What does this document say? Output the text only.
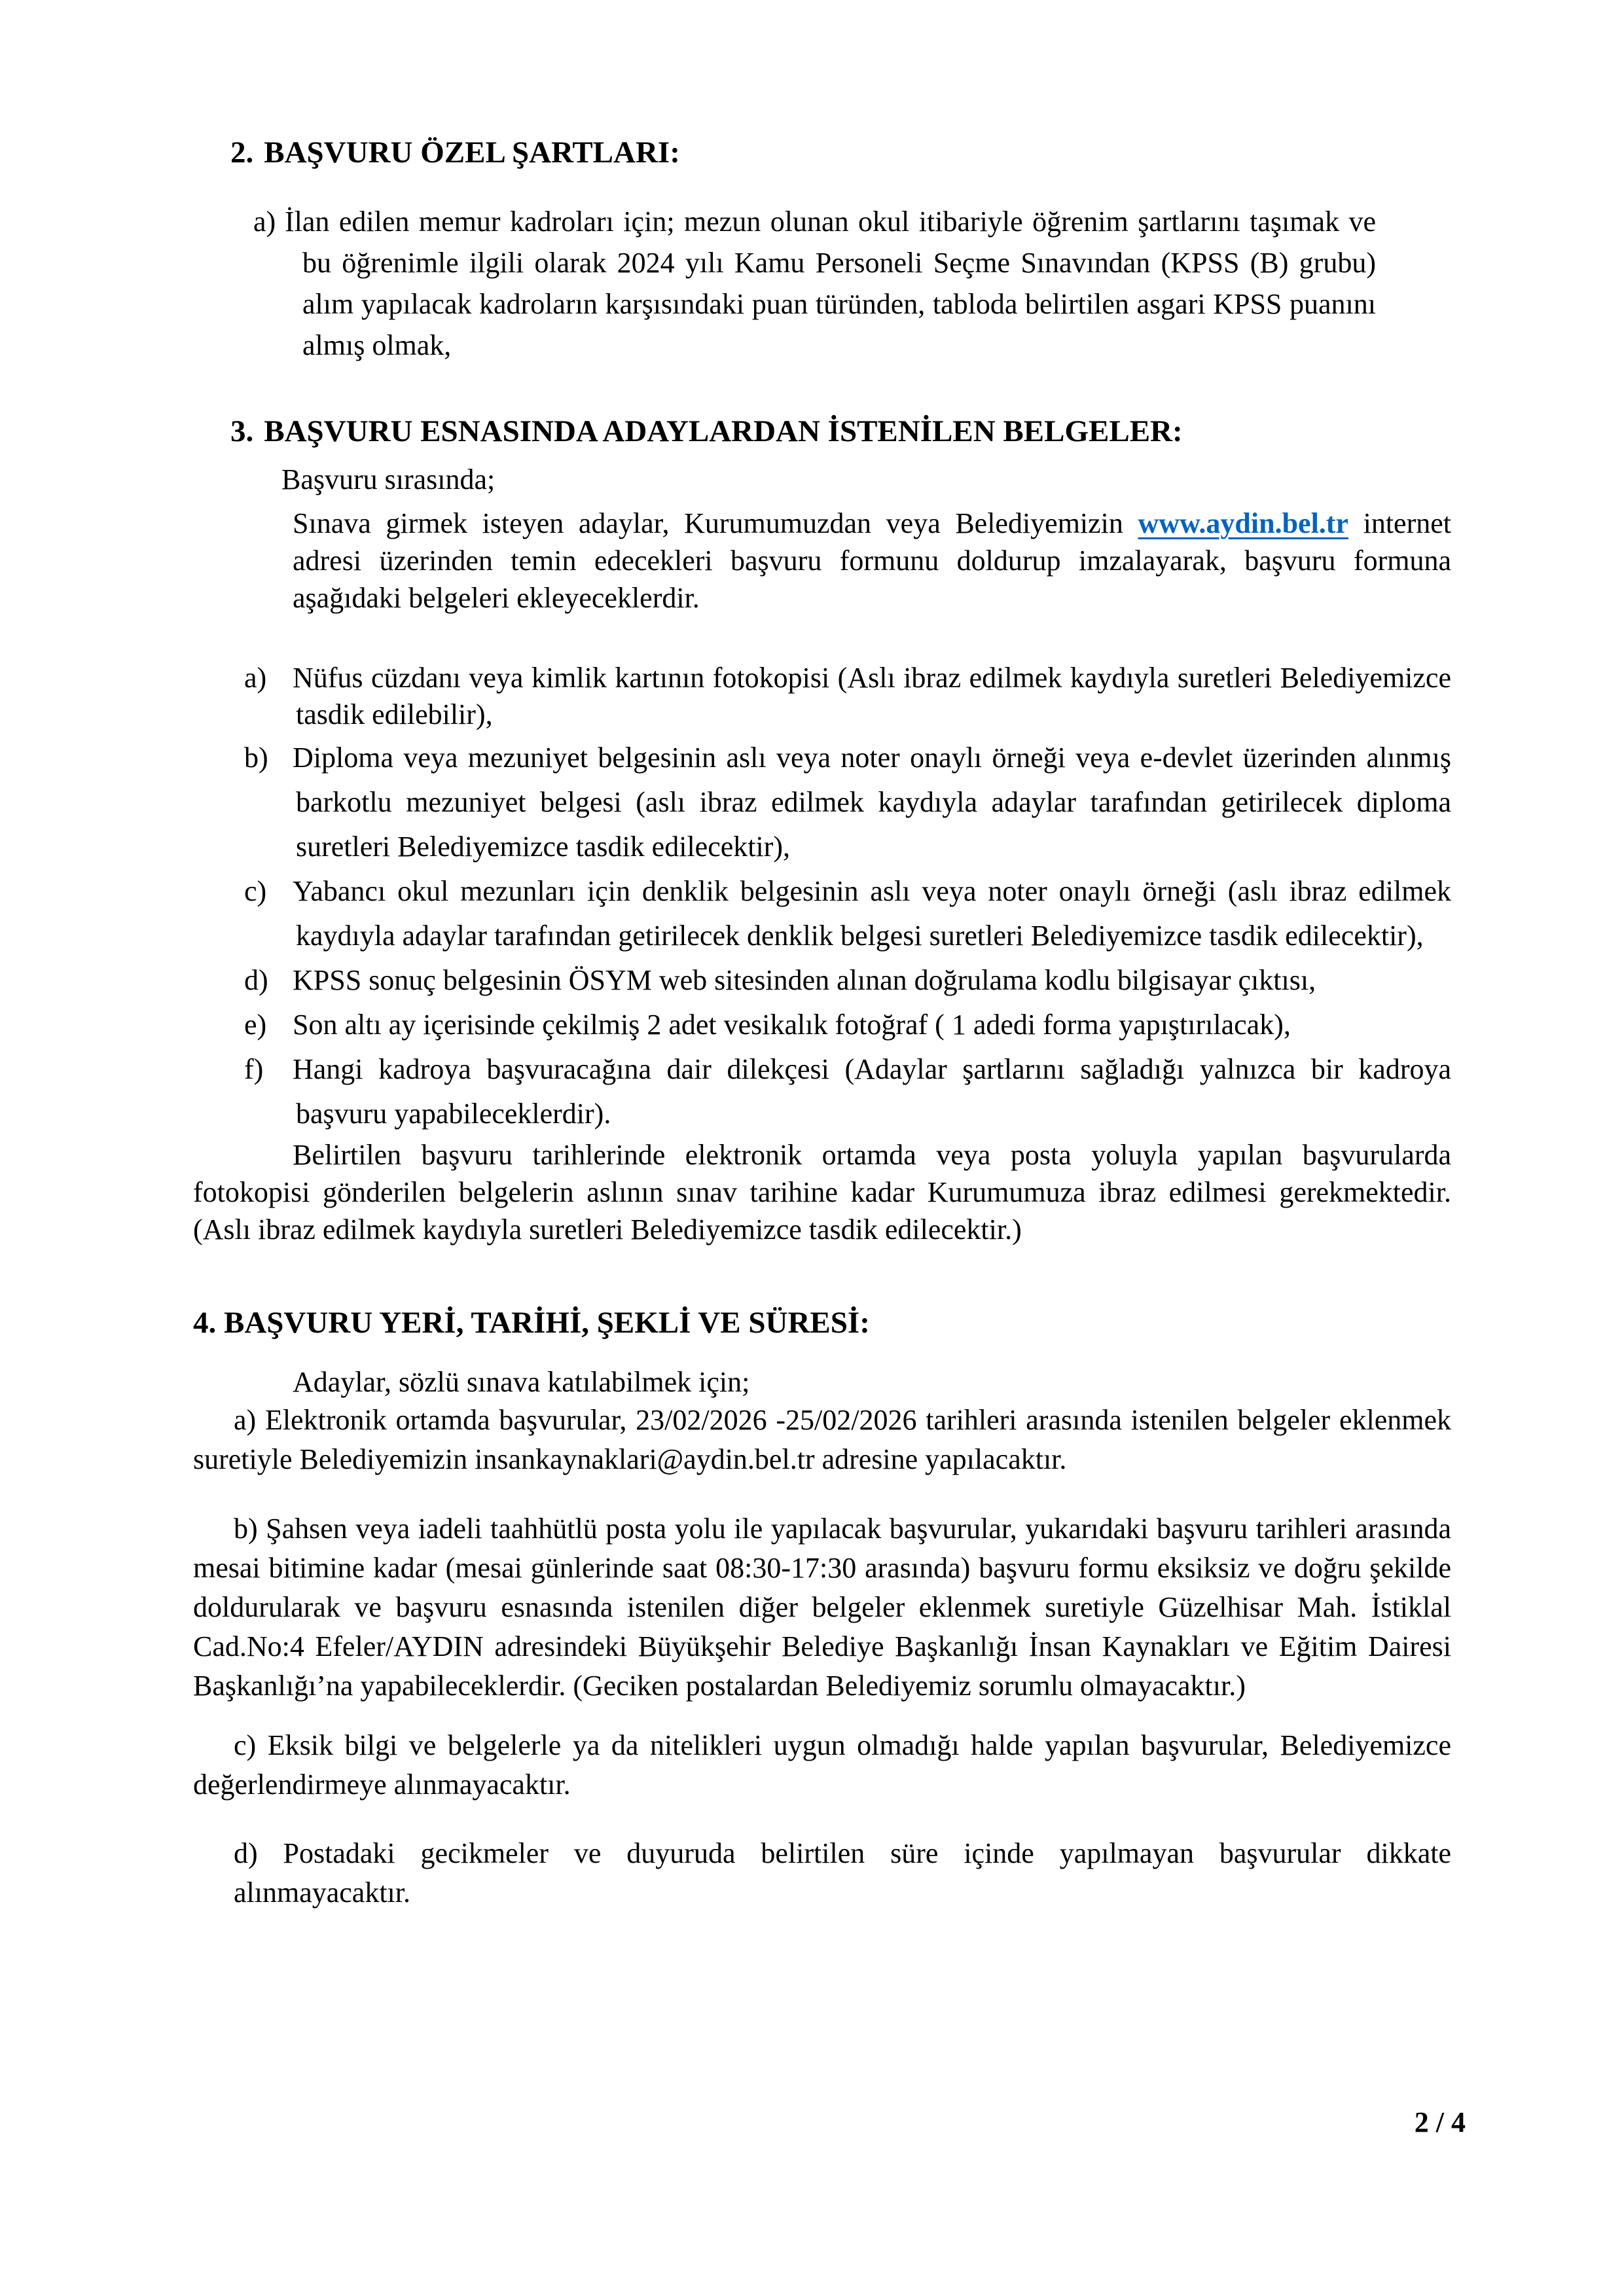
2. BAŞVURU ÖZEL ŞARTLARI:

a) İlan edilen memur kadroları için; mezun olunan okul itibariyle öğrenim şartlarını taşımak ve bu öğrenimle ilgili olarak 2024 yılı Kamu Personeli Seçme Sınavından (KPSS (B) grubu) alım yapılacak kadroların karşısındaki puan türünden, tabloda belirtilen asgari KPSS puanını almış olmak,

3. BAŞVURU ESNASINDA ADAYLARDAN İSTENİLEN BELGELER:

Başvuru sırasında;

Sınava girmek isteyen adaylar, Kurumumuzdan veya Belediyemizin www.aydin.bel.tr internet adresi üzerinden temin edecekleri başvuru formunu doldurup imzalayarak, başvuru formuna aşağıdaki belgeleri ekleyeceklerdir.

a) Nüfus cüzdanı veya kimlik kartının fotokopisi (Aslı ibraz edilmek kaydıyla suretleri Belediyemizce tasdik edilebilir),
b) Diploma veya mezuniyet belgesinin aslı veya noter onaylı örneği veya e-devlet üzerinden alınmış barkotlu mezuniyet belgesi (aslı ibraz edilmek kaydıyla adaylar tarafından getirilecek diploma suretleri Belediyemizce tasdik edilecektir),
c) Yabancı okul mezunları için denklik belgesinin aslı veya noter onaylı örneği (aslı ibraz edilmek kaydıyla adaylar tarafından getirilecek denklik belgesi suretleri Belediyemizce tasdik edilecektir),
d) KPSS sonuç belgesinin ÖSYM web sitesinden alınan doğrulama kodlu bilgisayar çıktısı,
e) Son altı ay içerisinde çekilmiş 2 adet vesikalık fotoğraf ( 1 adedi forma yapıştırılacak),
f) Hangi kadroya başvuracağına dair dilekçesi (Adaylar şartlarını sağladığı yalnızca bir kadroya başvuru yapabileceklerdir).

Belirtilen başvuru tarihlerinde elektronik ortamda veya posta yoluyla yapılan başvurularda fotokopisi gönderilen belgelerin aslının sınav tarihine kadar Kurumumuza ibraz edilmesi gerekmektedir. (Aslı ibraz edilmek kaydıyla suretleri Belediyemizce tasdik edilecektir.)

4. BAŞVURU YERİ, TARİHİ, ŞEKLİ VE SÜRESİ:

Adaylar, sözlü sınava katılabilmek için;

a) Elektronik ortamda başvurular, 23/02/2026 -25/02/2026 tarihleri arasında istenilen belgeler eklenmek suretiyle Belediyemizin insankaynaklari@aydin.bel.tr adresine yapılacaktır.

b) Şahsen veya iadeli taahhütlü posta yolu ile yapılacak başvurular, yukarıdaki başvuru tarihleri arasında mesai bitimine kadar (mesai günlerinde saat 08:30-17:30 arasında) başvuru formu eksiksiz ve doğru şekilde doldurularak ve başvuru esnasında istenilen diğer belgeler eklenmek suretiyle Güzelhisar Mah. İstiklal Cad.No:4 Efeler/AYDIN adresindeki Büyükşehir Belediye Başkanlığı İnsan Kaynakları ve Eğitim Dairesi Başkanlığı’na yapabileceklerdir. (Geciken postalardan Belediyemiz sorumlu olmayacaktır.)

c) Eksik bilgi ve belgelerle ya da nitelikleri uygun olmadığı halde yapılan başvurular, Belediyemizce değerlendirmeye alınmayacaktır.

d) Postadaki gecikmeler ve duyuruda belirtilen süre içinde yapılmayan başvurular dikkate alınmayacaktır.

2 / 4
